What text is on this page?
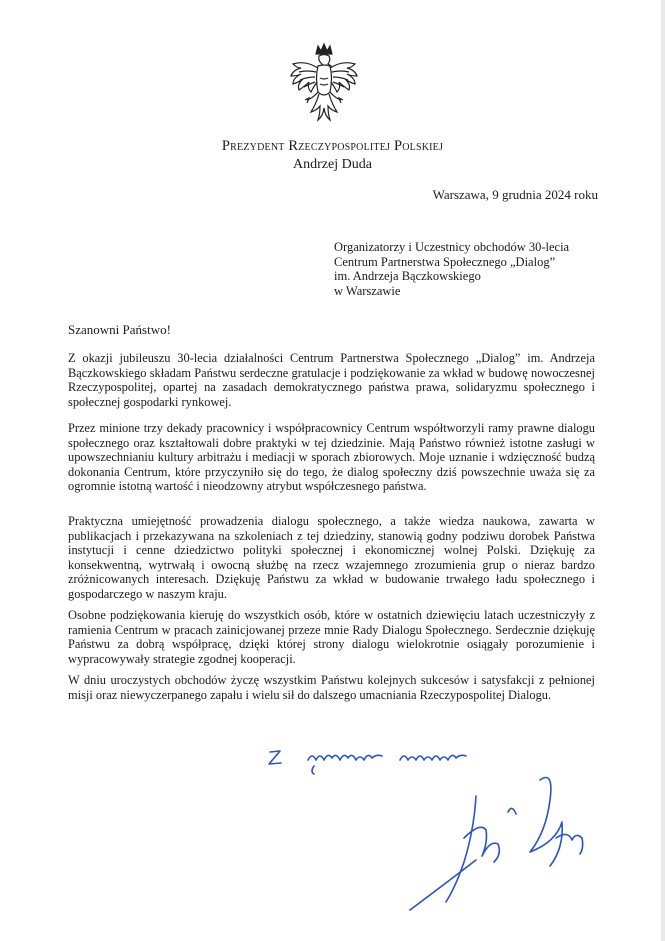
Prezydent Rzeczypospolitej Polskiej
Andrzej Duda
Warszawa, 9 grudnia 2024 roku
Organizatorzy i Uczestnicy obchodów 30-lecia
Centrum Partnerstwa Społecznego „Dialog”
im. Andrzeja Bączkowskiego
w Warszawie
Szanowni Państwo!

Z okazji jubileuszu 30-lecia działalności Centrum Partnerstwa Społecznego „Dialog” im. Andrzeja Bączkowskiego składam Państwu serdeczne gratulacje i podziękowanie za wkład w budowę nowoczesnej Rzeczypospolitej, opartej na zasadach demokratycznego państwa prawa, solidaryzmu społecznego i społecznej gospodarki rynkowej.

Przez minione trzy dekady pracownicy i współpracownicy Centrum współtworzyli ramy prawne dialogu społecznego oraz kształtowali dobre praktyki w tej dziedzinie. Mają Państwo również istotne zasługi w upowszechnianiu kultury arbitrażu i mediacji w sporach zbiorowych. Moje uznanie i wdzięczność budzą dokonania Centrum, które przyczyniło się do tego, że dialog społeczny dziś powszechnie uważa się za ogromnie istotną wartość i nieodzowny atrybut współczesnego państwa.

Praktyczna umiejętność prowadzenia dialogu społecznego, a także wiedza naukowa, zawarta w publikacjach i przekazywana na szkoleniach z tej dziedziny, stanowią godny podziwu dorobek Państwa instytucji i cenne dziedzictwo polityki społecznej i ekonomicznej wolnej Polski. Dziękuję za konsekwentną, wytrwałą i owocną służbę na rzecz wzajemnego zrozumienia grup o nieraz bardzo zróżnicowanych interesach. Dziękuję Państwu za wkład w budowanie trwałego ładu społecznego i gospodarczego w naszym kraju.

Osobne podziękowania kieruję do wszystkich osób, które w ostatnich dziewięciu latach uczestniczyły z ramienia Centrum w pracach zainicjowanej przeze mnie Rady Dialogu Społecznego. Serdecznie dziękuję Państwu za dobrą współpracę, dzięki której strony dialogu wielokrotnie osiągały porozumienie i wypracowywały strategie zgodnej kooperacji.

W dniu uroczystych obchodów życzę wszystkim Państwu kolejnych sukcesów i satysfakcji z pełnionej misji oraz niewyczerpanego zapału i wielu sił do dalszego umacniania Rzeczypospolitej Dialogu.
